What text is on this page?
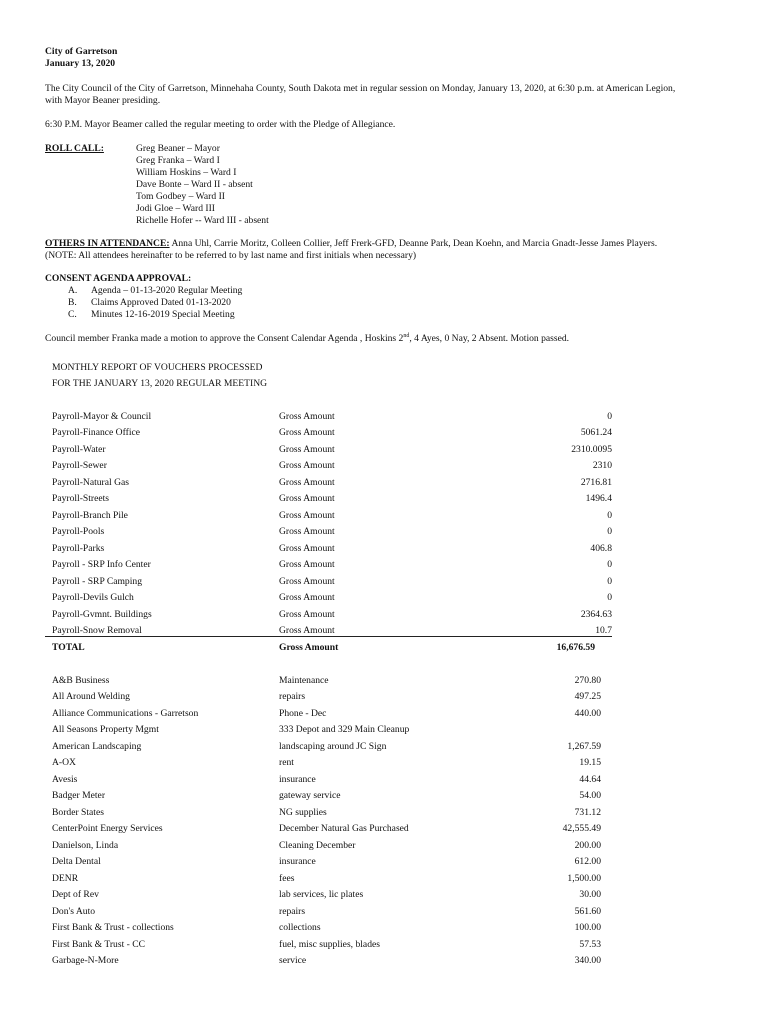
City of Garretson
January 13, 2020
The City Council of the City of Garretson, Minnehaha County, South Dakota met in regular session on Monday, January 13, 2020, at 6:30 p.m. at American Legion,
with Mayor Beaner presiding.
6:30 P.M. Mayor Beamer called the regular meeting to order with the Pledge of Allegiance.
ROLL CALL:	Greg Beaner – Mayor
Greg Franka – Ward I
William Hoskins – Ward I
Dave Bonte – Ward II - absent
Tom Godbey – Ward II
Jodi Gloe – Ward III
Richelle Hofer -- Ward III - absent
OTHERS IN ATTENDANCE: Anna Uhl, Carrie Moritz, Colleen Collier, Jeff Frerk-GFD, Deanne Park, Dean Koehn, and Marcia Gnadt-Jesse James Players.
(NOTE: All attendees hereinafter to be referred to by last name and first initials when necessary)
CONSENT AGENDA APPROVAL:
A. Agenda – 01-13-2020 Regular Meeting
B. Claims Approved Dated 01-13-2020
C. Minutes 12-16-2019 Special Meeting
Council member Franka made a motion to approve the Consent Calendar Agenda , Hoskins 2nd, 4 Ayes, 0 Nay, 2 Absent. Motion passed.
MONTHLY REPORT OF VOUCHERS PROCESSED
FOR THE JANUARY 13, 2020 REGULAR MEETING
Payroll-Mayor & Council	Gross Amount	0
Payroll-Finance Office	Gross Amount	5061.24
Payroll-Water	Gross Amount	2310.0095
Payroll-Sewer	Gross Amount	2310
Payroll-Natural Gas	Gross Amount	2716.81
Payroll-Streets	Gross Amount	1496.4
Payroll-Branch Pile	Gross Amount	0
Payroll-Pools	Gross Amount	0
Payroll-Parks	Gross Amount	406.8
Payroll - SRP Info Center	Gross Amount	0
Payroll - SRP Camping	Gross Amount	0
Payroll-Devils Gulch	Gross Amount	0
Payroll-Gvmnt. Buildings	Gross Amount	2364.63
Payroll-Snow Removal	Gross Amount	10.7
TOTAL	Gross Amount	16,676.59
A&B Business	Maintenance	270.80
All Around Welding	repairs	497.25
Alliance Communications - Garretson	Phone - Dec	440.00
All Seasons Property Mgmt	333 Depot and 329 Main Cleanup
American Landscaping	landscaping around JC Sign	1,267.59
A-OX	rent	19.15
Avesis	insurance	44.64
Badger Meter	gateway service	54.00
Border States	NG supplies	731.12
CenterPoint Energy Services	December Natural Gas Purchased	42,555.49
Danielson, Linda	Cleaning December	200.00
Delta Dental	insurance	612.00
DENR	fees	1,500.00
Dept of Rev	lab services, lic plates	30.00
Don's Auto	repairs	561.60
First Bank & Trust - collections	collections	100.00
First Bank & Trust - CC	fuel, misc supplies, blades	57.53
Garbage-N-More	service	340.00
